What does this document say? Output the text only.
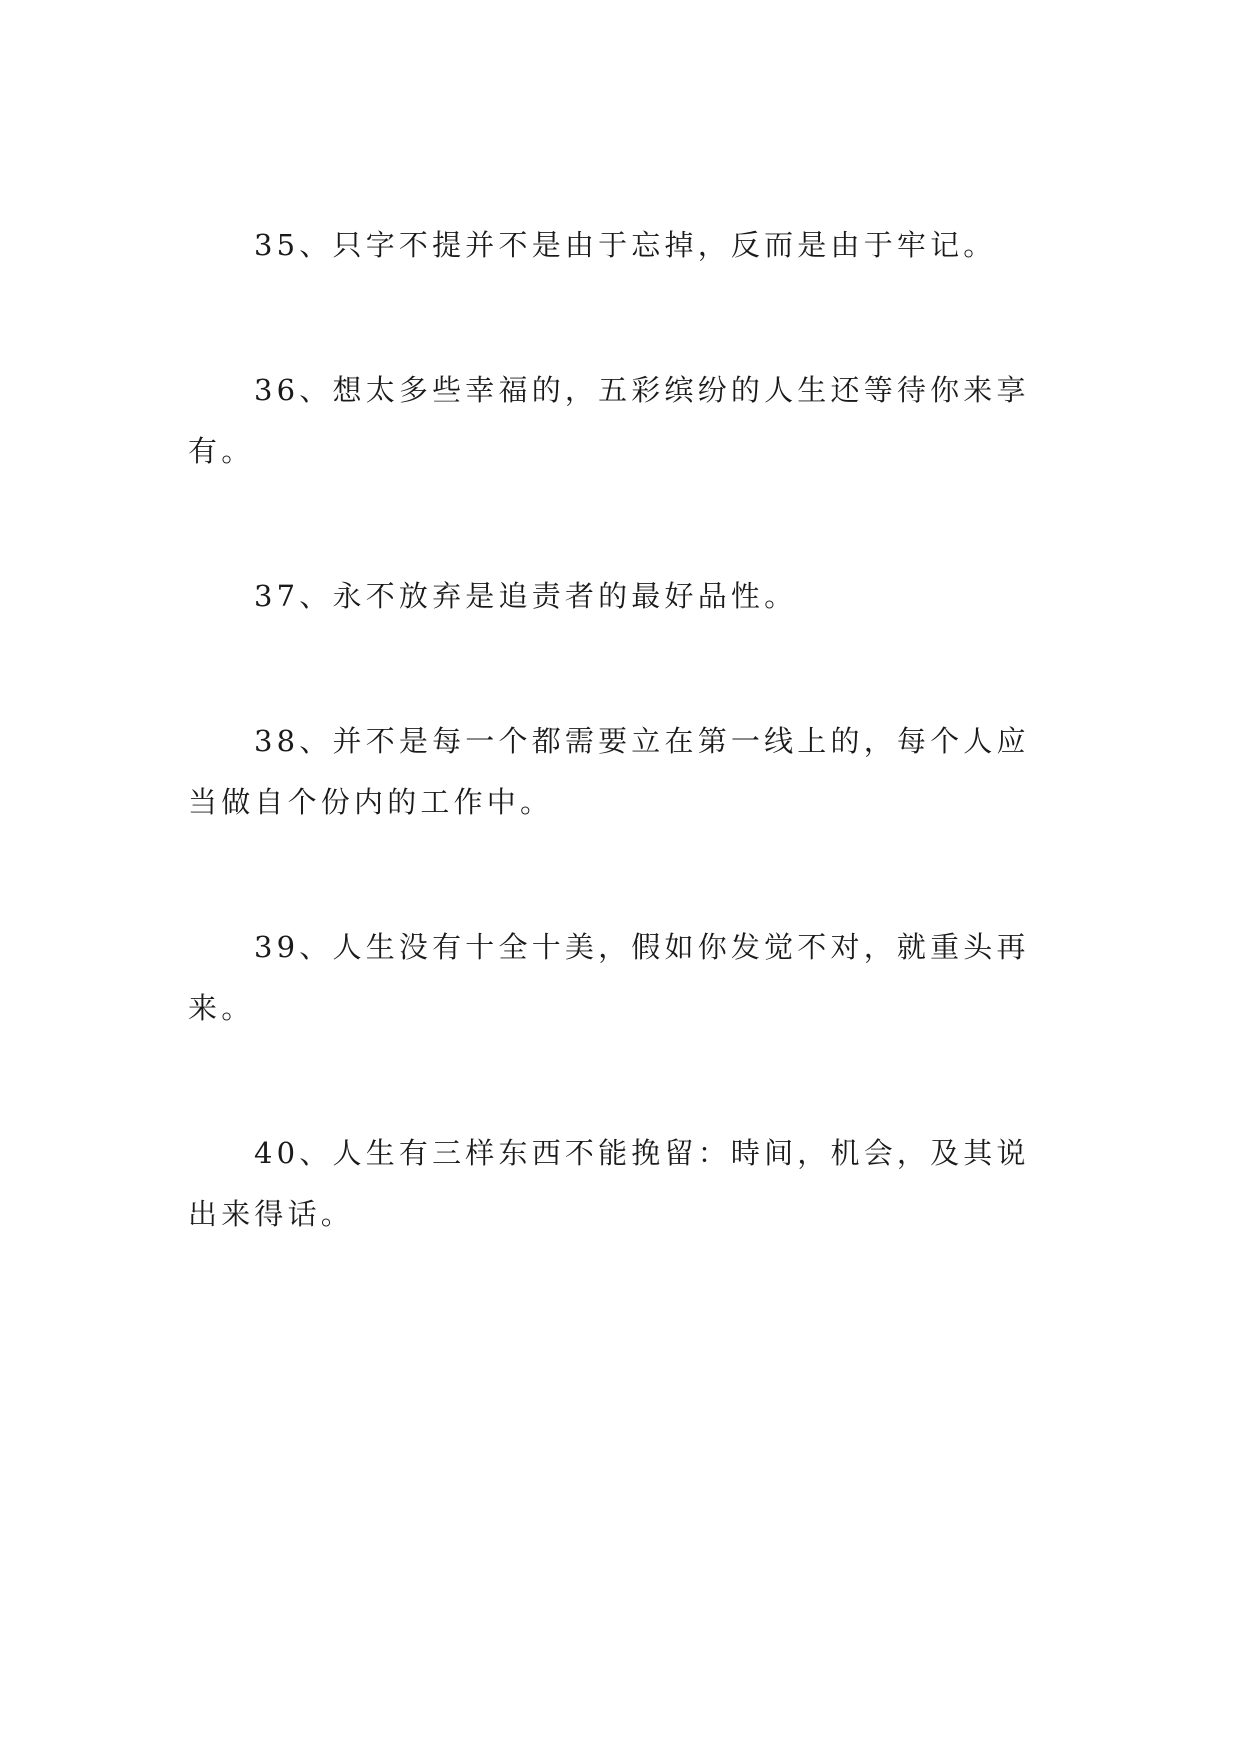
35、只字不提并不是由于忘掉，反而是由于牢记。

36、想太多些幸福的，五彩缤纷的人生还等待你来享有。

37、永不放弃是追责者的最好品性。

38、并不是每一个都需要立在第一线上的，每个人应当做自个份内的工作中。

39、人生没有十全十美，假如你发觉不对，就重头再来。

40、人生有三样东西不能挽留：時间，机会，及其说出来得话。
